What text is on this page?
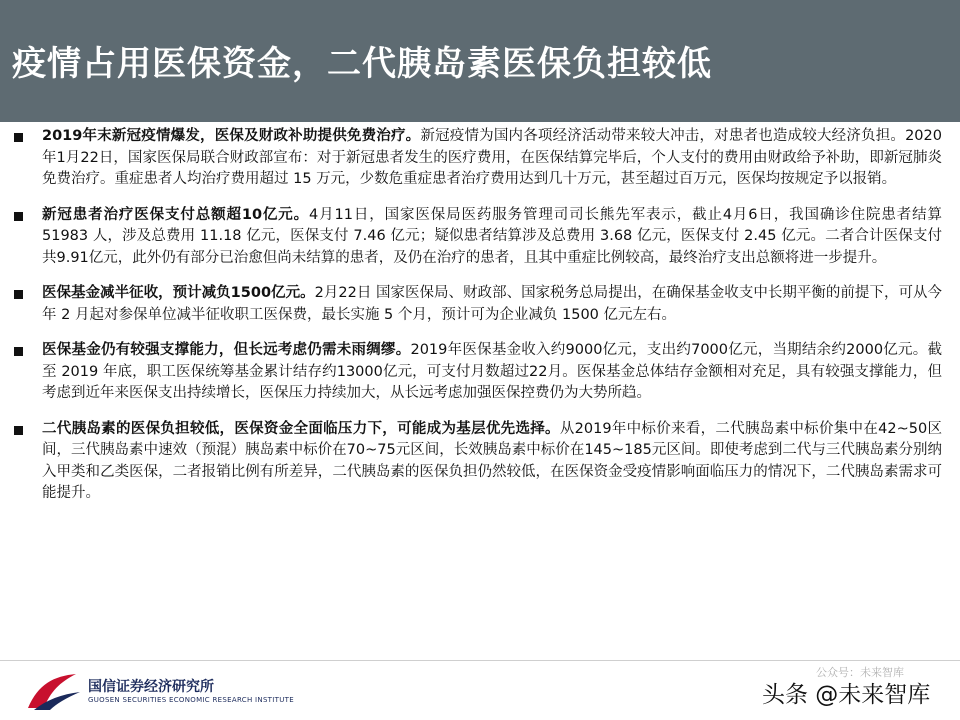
疫情占用医保资金，二代胰岛素医保负担较低
2019年末新冠疫情爆发，医保及财政补助提供免费治疗。新冠疫情为国内各项经济活动带来较大冲击，对患者也造成较大经济负担。2020年1月22日，国家医保局联合财政部宣布：对于新冠患者发生的医疗费用，在医保结算完毕后，个人支付的费用由财政给予补助，即新冠肺炎免费治疗。重症患者人均治疗费用超过 15 万元，少数危重症患者治疗费用达到几十万元，甚至超过百万元，医保均按规定予以报销。
新冠患者治疗医保支付总额超10亿元。4月11日，国家医保局医药服务管理司司长熊先军表示，截止4月6日，我国确诊住院患者结算 51983 人，涉及总费用 11.18 亿元，医保支付 7.46 亿元；疑似患者结算涉及总费用 3.68 亿元，医保支付 2.45 亿元。二者合计医保支付共9.91亿元，此外仍有部分已治愈但尚未结算的患者，及仍在治疗的患者，且其中重症比例较高，最终治疗支出总额将进一步提升。
医保基金减半征收，预计减负1500亿元。2月22日 国家医保局、财政部、国家税务总局提出，在确保基金收支中长期平衡的前提下，可从今年 2 月起对参保单位减半征收职工医保费，最长实施 5 个月，预计可为企业减负 1500 亿元左右。
医保基金仍有较强支撑能力，但长远考虑仍需未雨绸缪。2019年医保基金收入约9000亿元，支出约7000亿元，当期结余约2000亿元。截至 2019 年底，职工医保统筹基金累计结存约13000亿元，可支付月数超过22月。医保基金总体结存金额相对充足，具有较强支撑能力，但考虑到近年来医保支出持续增长，医保压力持续加大，从长远考虑加强医保控费仍为大势所趋。
二代胰岛素的医保负担较低，医保资金全面临压力下，可能成为基层优先选择。从2019年中标价来看，二代胰岛素中标价集中在42~50区间，三代胰岛素中速效（预混）胰岛素中标价在70~75元区间，长效胰岛素中标价在145~185元区间。即使考虑到二代与三代胰岛素分别纳入甲类和乙类医保，二者报销比例有所差异，二代胰岛素的医保负担仍然较低，在医保资金受疫情影响面临压力的情况下，二代胰岛素需求可能提升。
国信证券经济研究所
GUOSEN SECURITIES ECONOMIC RESEARCH INSTITUTE
公众号：未来智库
头条 @未来智库
